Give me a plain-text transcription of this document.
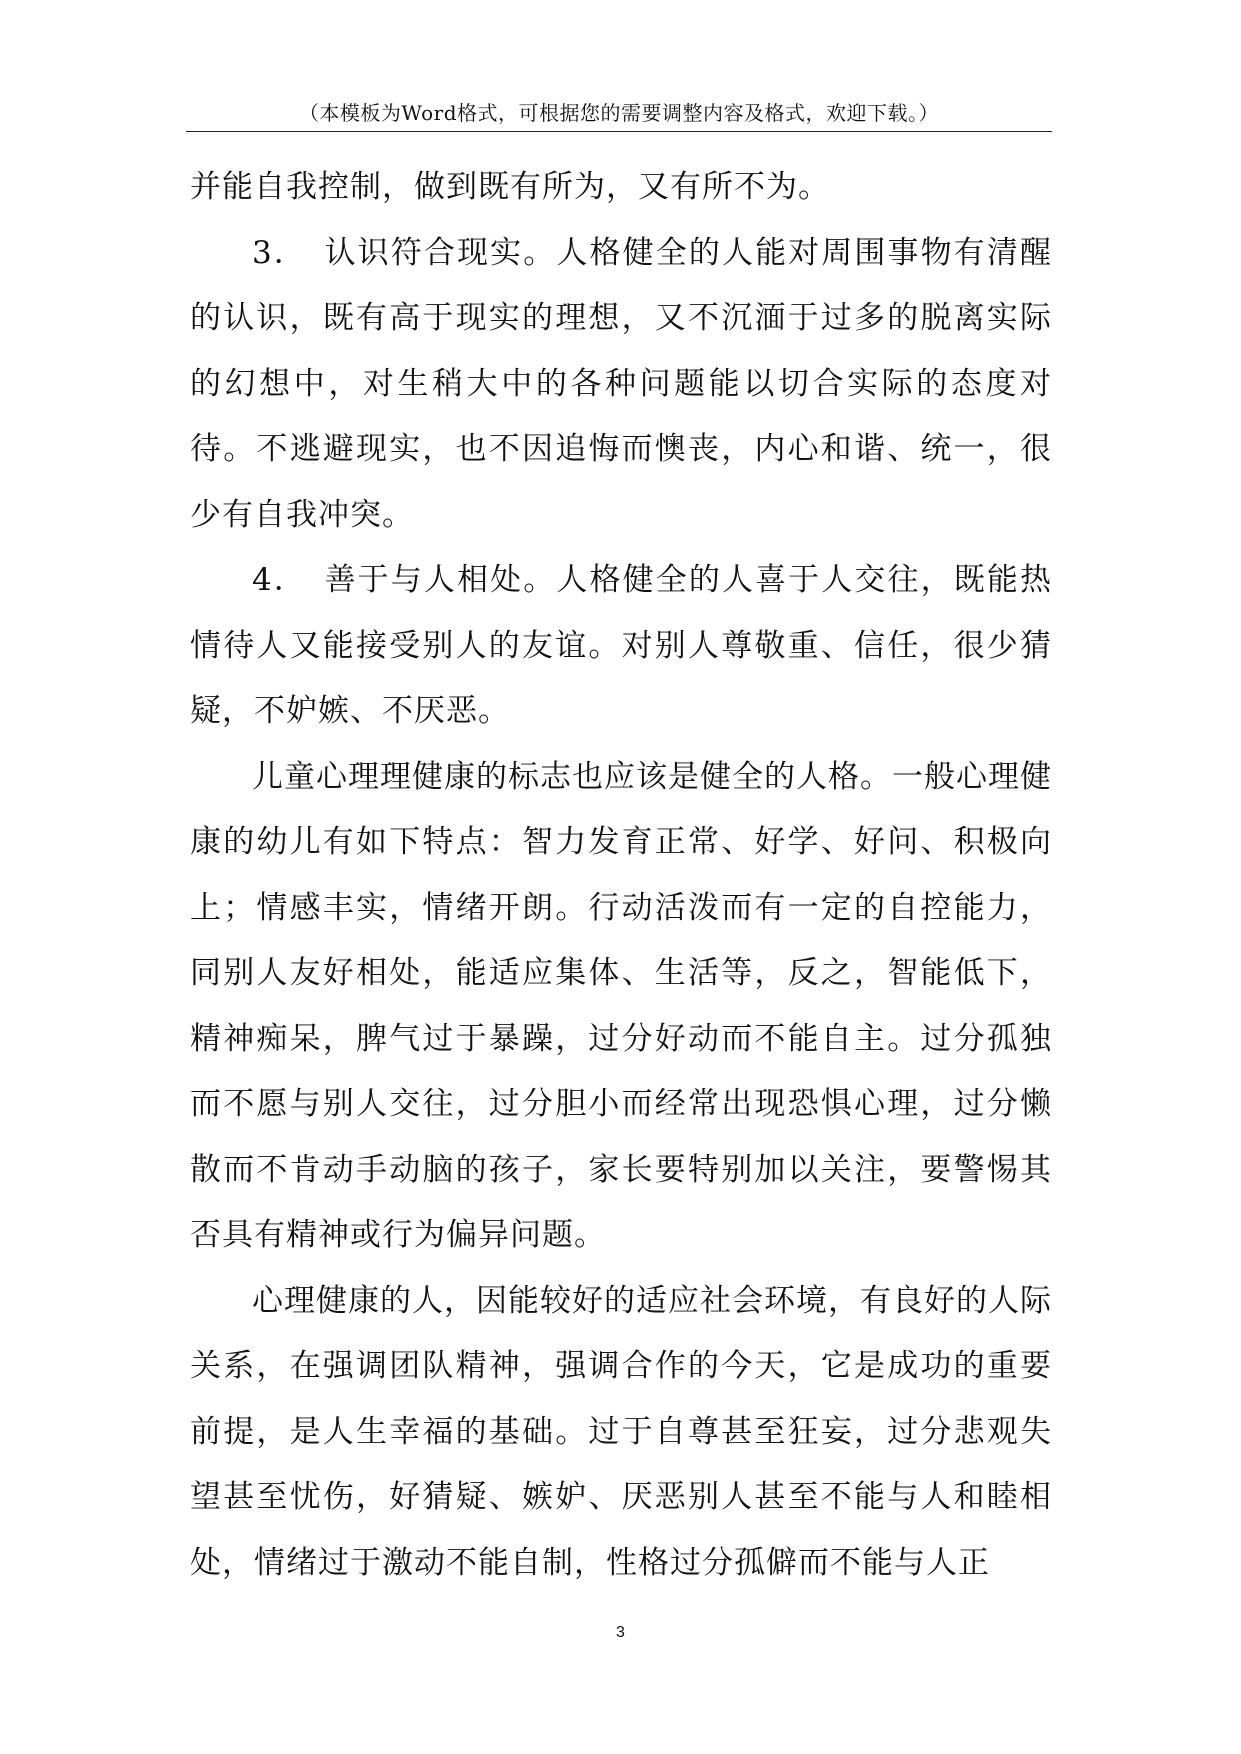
（本模板为Word格式，可根据您的需要调整内容及格式，欢迎下载。）

并能自我控制，做到既有所为，又有所不为。

3．　认识符合现实。人格健全的人能对周围事物有清醒的认识，既有高于现实的理想，又不沉湎于过多的脱离实际的幻想中，对生稍大中的各种问题能以切合实际的态度对待。不逃避现实，也不因追悔而懊丧，内心和谐、统一，很少有自我冲突。

4．　善于与人相处。人格健全的人喜于人交往，既能热情待人又能接受别人的友谊。对别人尊敬重、信任，很少猜疑，不妒嫉、不厌恶。

儿童心理理健康的标志也应该是健全的人格。一般心理健康的幼儿有如下特点：智力发育正常、好学、好问、积极向上；情感丰实，情绪开朗。行动活泼而有一定的自控能力，同别人友好相处，能适应集体、生活等，反之，智能低下，精神痴呆，脾气过于暴躁，过分好动而不能自主。过分孤独而不愿与别人交往，过分胆小而经常出现恐惧心理，过分懒散而不肯动手动脑的孩子，家长要特别加以关注，要警惕其否具有精神或行为偏异问题。

心理健康的人，因能较好的适应社会环境，有良好的人际关系，在强调团队精神，强调合作的今天，它是成功的重要前提，是人生幸福的基础。过于自尊甚至狂妄，过分悲观失望甚至忧伤，好猜疑、嫉妒、厌恶别人甚至不能与人和睦相处，情绪过于激动不能自制，性格过分孤僻而不能与人正

3
